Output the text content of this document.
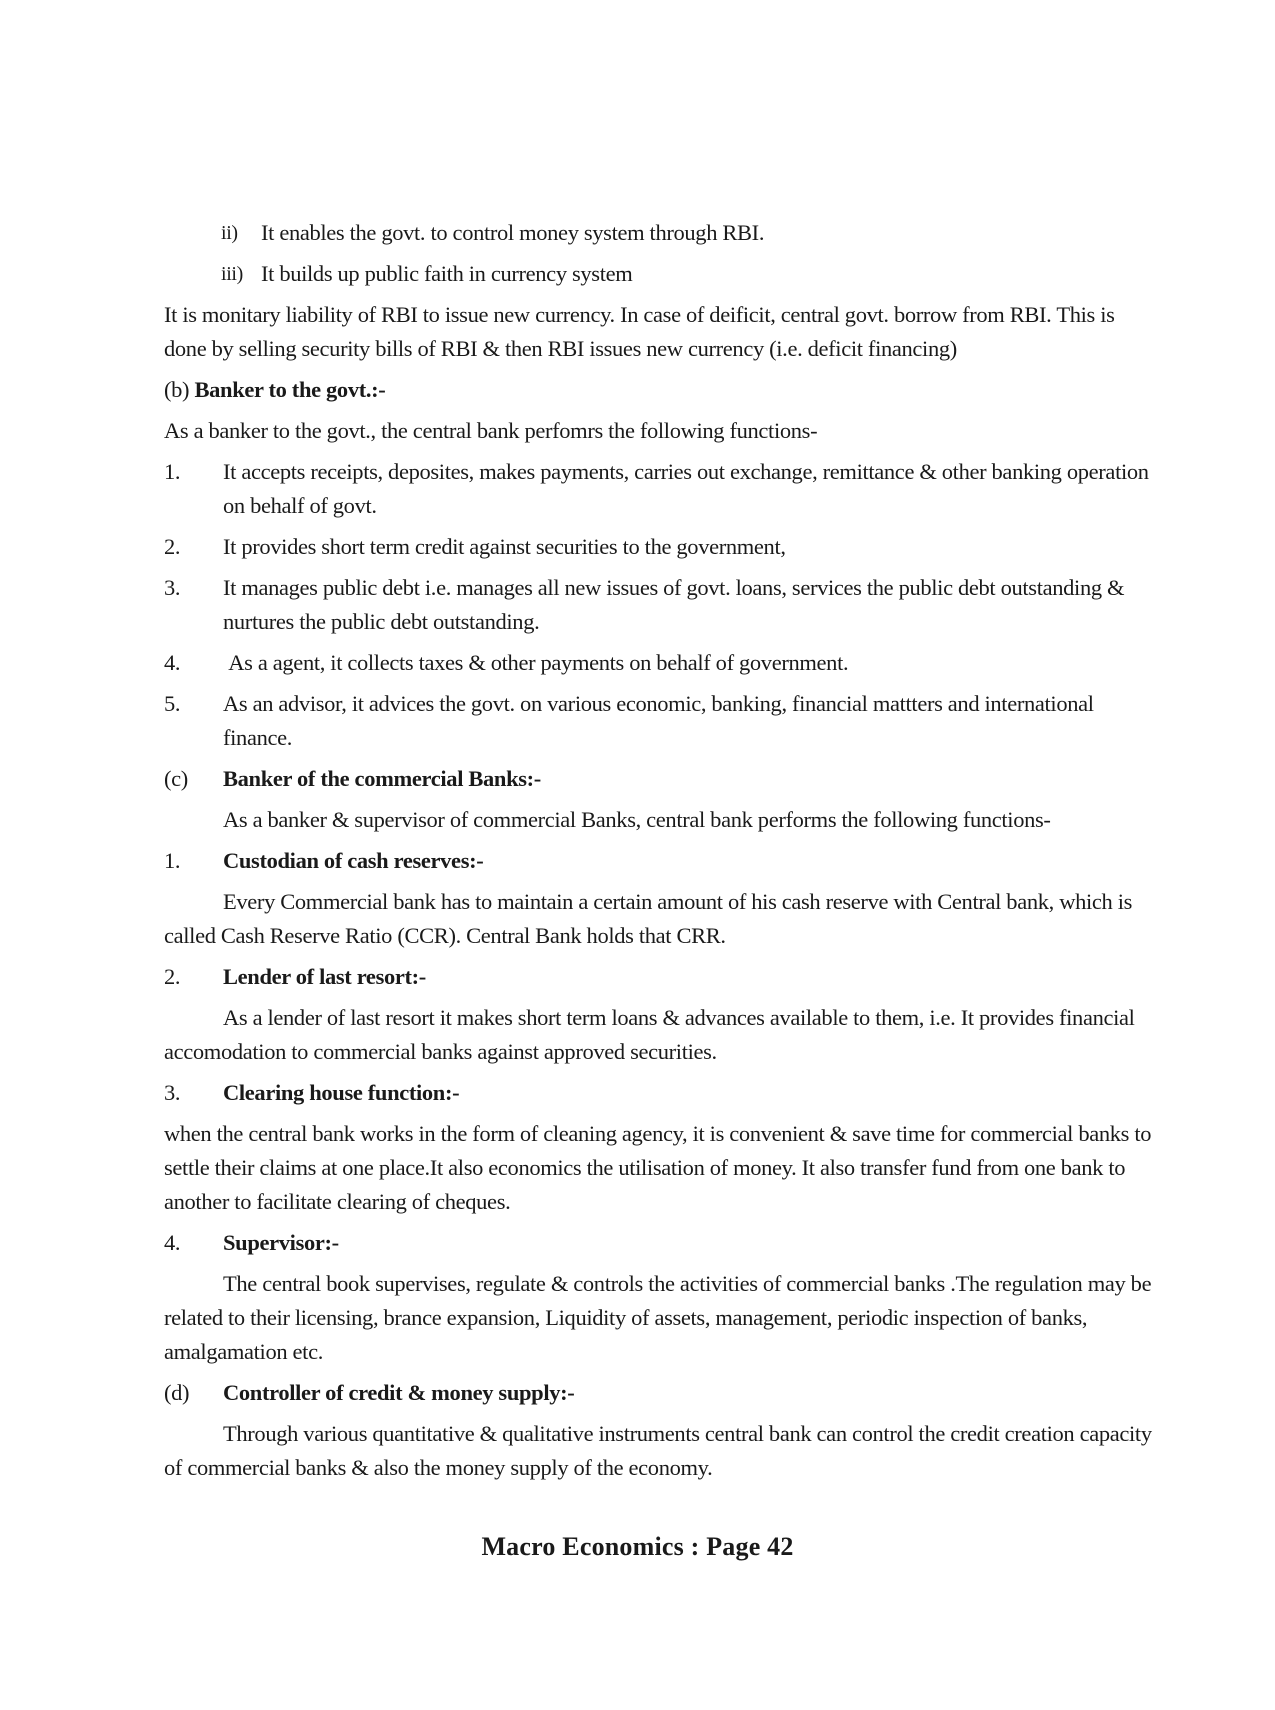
ii)	It enables the govt. to control money system through RBI.
iii) It builds up public faith in currency system
It is monitary liability of RBI to issue new currency. In case of deificit, central govt. borrow from RBI. This is done by selling security bills of RBI & then RBI issues new currency (i.e. deficit financing)
(b) Banker to the govt.:-
As a banker to the govt., the central bank perfomrs the following functions-
1.	It accepts receipts, deposites, makes payments, carries out exchange, remittance & other banking operation on behalf of govt.
2.	It provides short term credit against securities to the government,
3.	It manages public debt i.e. manages all new issues of govt. loans, services the public debt outstanding & nurtures the public debt outstanding.
4.	As a agent, it collects taxes & other payments on behalf of government.
5.	As an advisor, it advices the govt. on various economic, banking, financial mattters and international finance.
(c)	Banker of the commercial Banks:-
As a banker & supervisor of commercial Banks, central bank performs the following functions-
1.	Custodian of cash reserves:-
Every Commercial bank has to maintain a certain amount of his cash reserve with Central bank, which is called Cash Reserve Ratio (CCR). Central Bank holds that CRR.
2.	Lender of last resort:-
As a lender of last resort it makes short term loans & advances available to them, i.e. It provides financial accomodation to commercial banks against approved securities.
3.	Clearing house function:-
when the central bank works in the form of cleaning agency, it is convenient & save time for commercial banks to settle their claims at one place.It also economics the utilisation of money. It also transfer fund from one bank to another to facilitate clearing of cheques.
4.	Supervisor:-
The central book supervises, regulate & controls the activities of commercial banks .The regulation may be related to their licensing, brance expansion, Liquidity of assets, management, periodic inspection of banks, amalgamation etc.
(d)	Controller of credit & money supply:-
Through various quantitative & qualitative instruments central bank can control the credit creation capacity of commercial banks & also the money supply of the economy.
Macro Economics : Page 42
